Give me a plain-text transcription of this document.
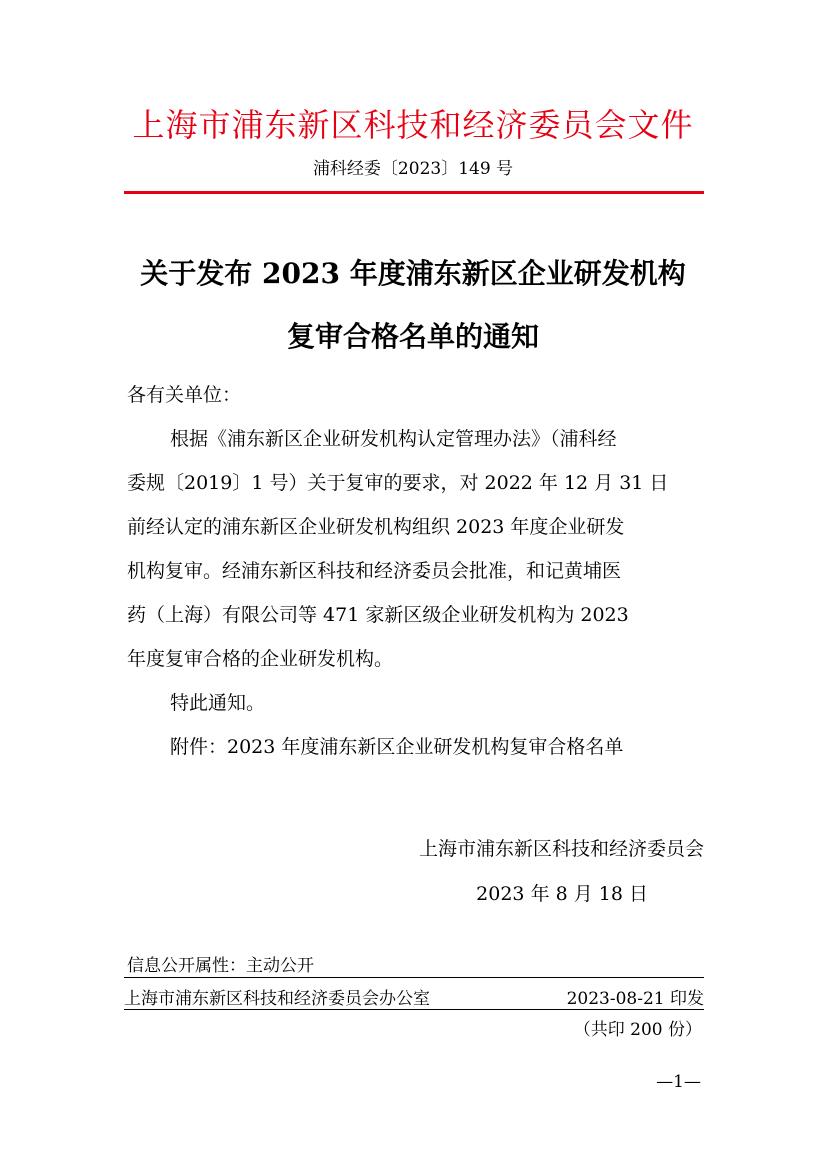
上海市浦东新区科技和经济委员会文件
浦科经委〔2023〕149 号
关于发布 2023 年度浦东新区企业研发机构
复审合格名单的通知
各有关单位：
根据《浦东新区企业研发机构认定管理办法》（浦科经
委规〔2019〕1 号）关于复审的要求，对 2022 年 12 月 31 日
前经认定的浦东新区企业研发机构组织 2023 年度企业研发
机构复审。经浦东新区科技和经济委员会批准，和记黄埔医
药（上海）有限公司等 471 家新区级企业研发机构为 2023
年度复审合格的企业研发机构。
特此通知。
附件：2023 年度浦东新区企业研发机构复审合格名单
上海市浦东新区科技和经济委员会
2023 年 8 月 18 日
信息公开属性：主动公开
上海市浦东新区科技和经济委员会办公室	2023-08-21 印发
（共印 200 份）
—1—
